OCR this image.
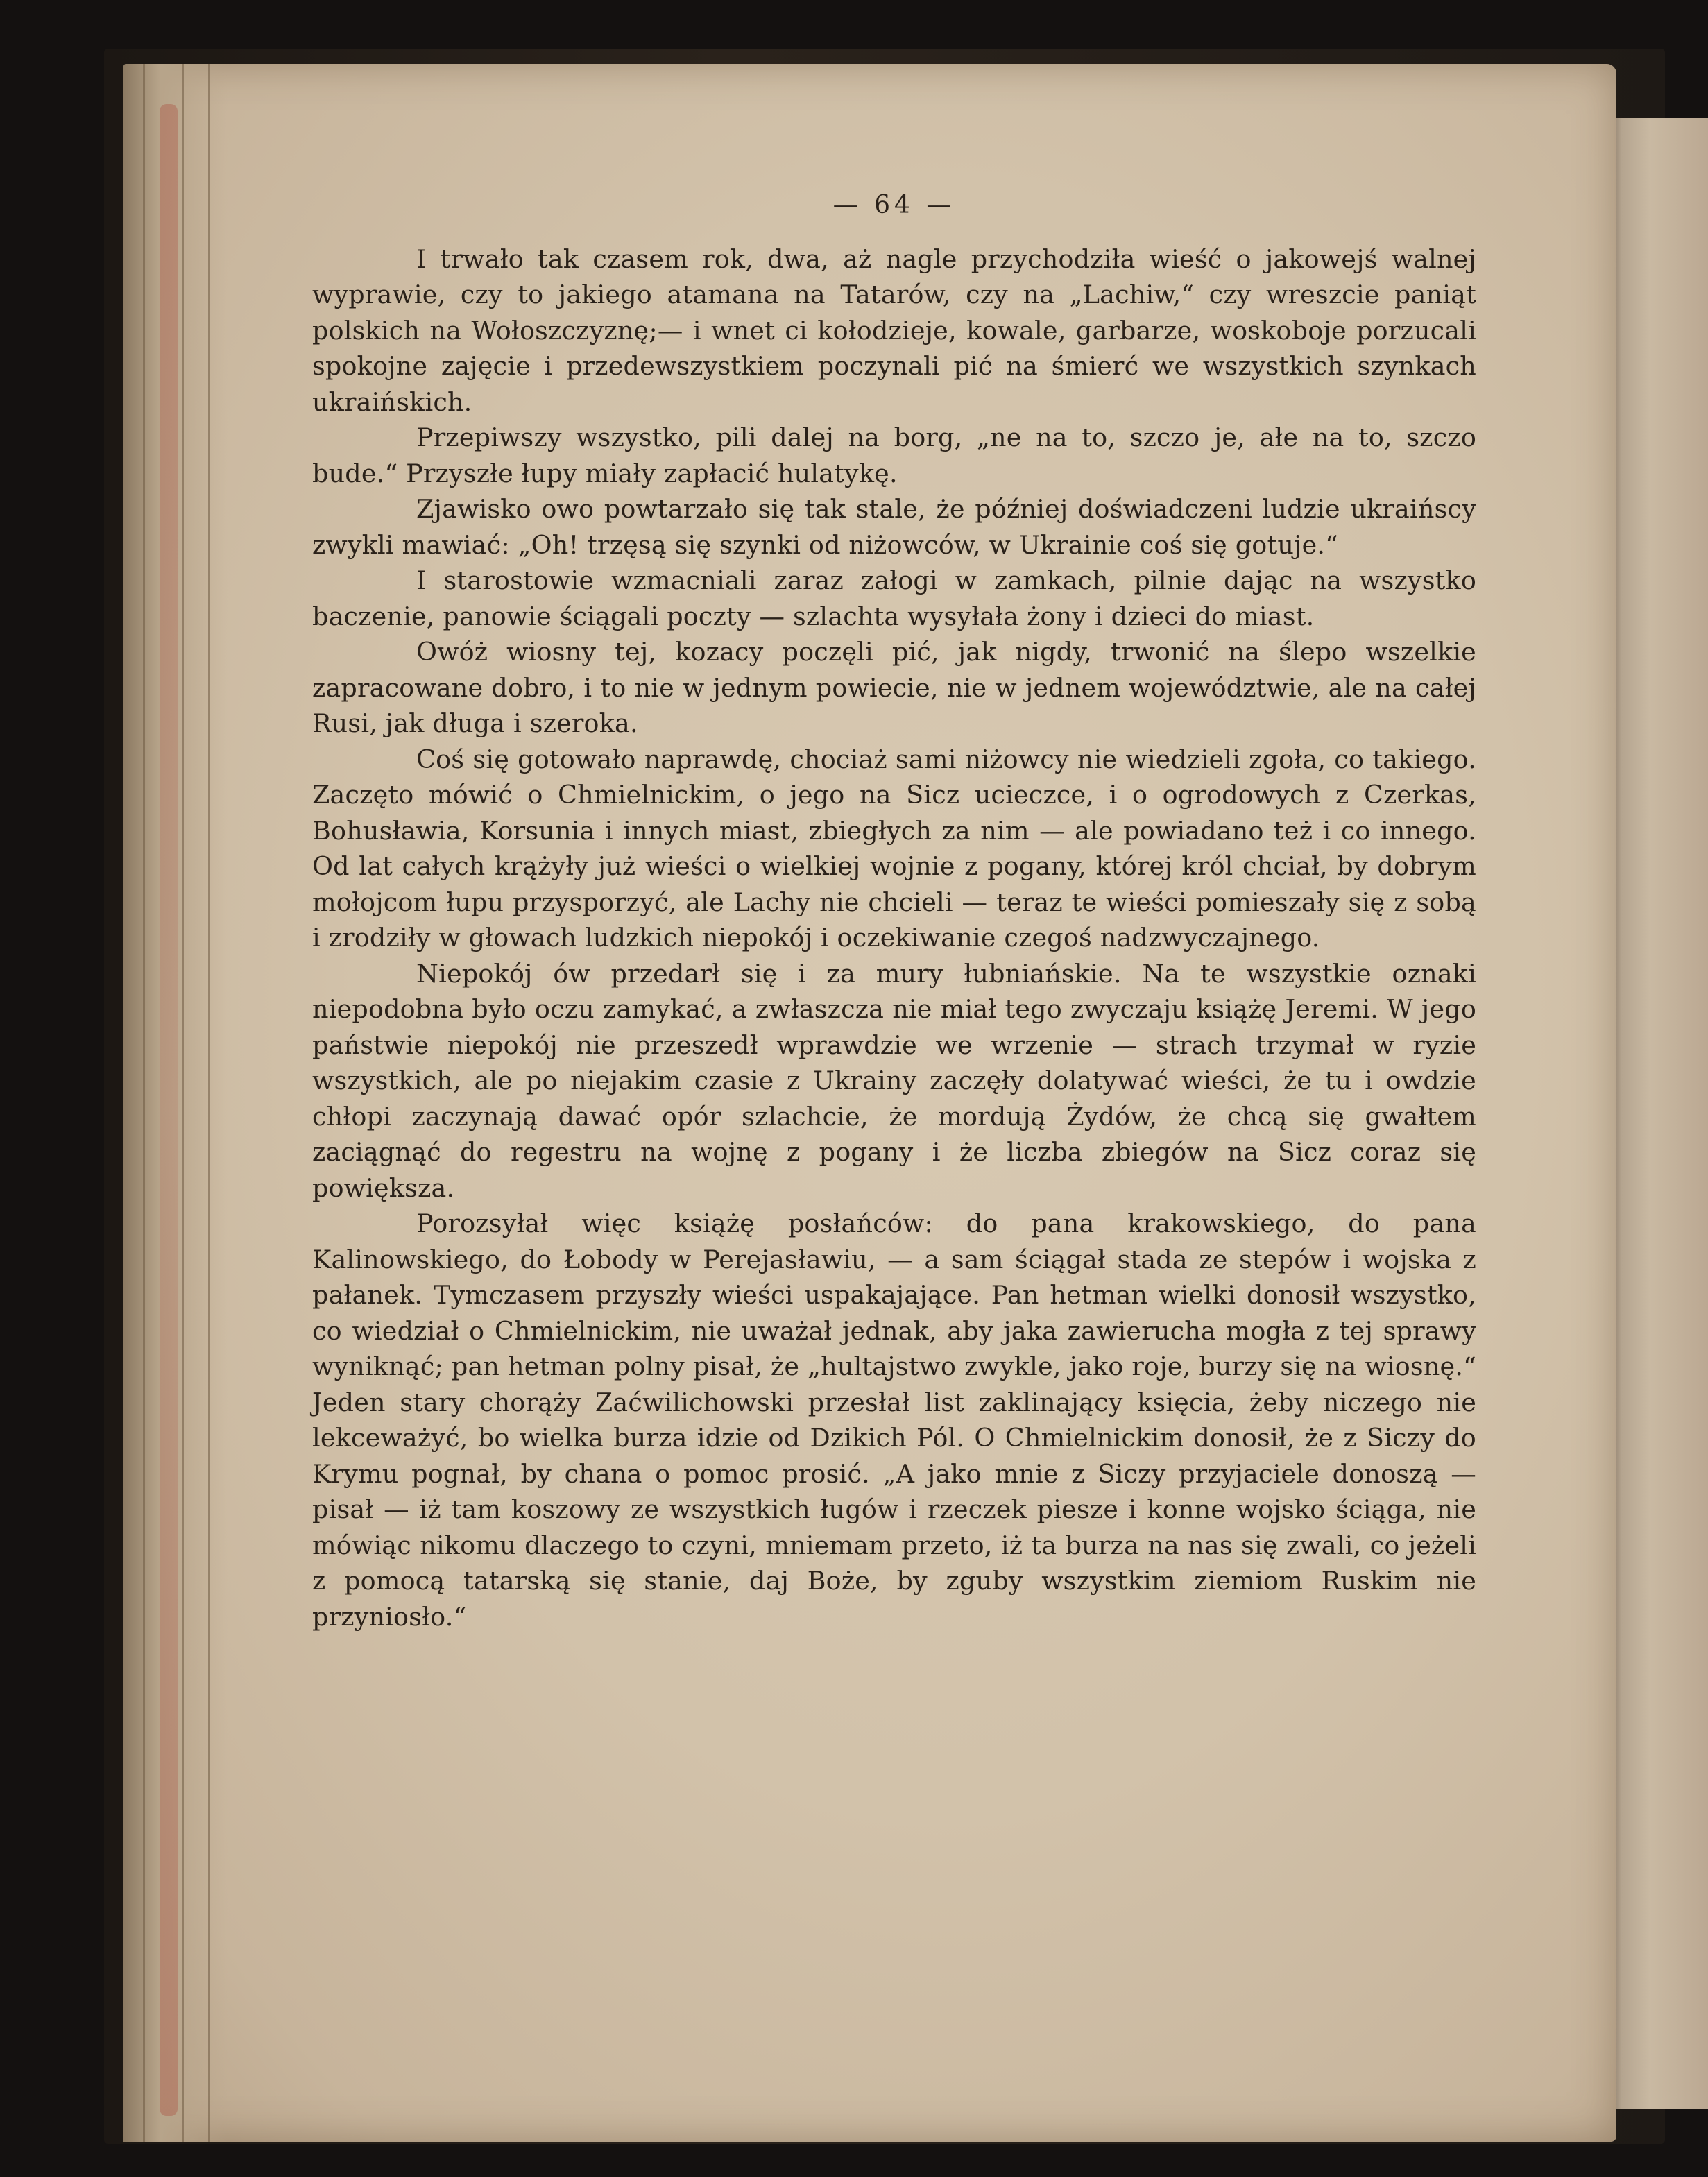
— 64 —

I trwało tak czasem rok, dwa, aż nagle przychodziła wieść o jakowejś walnej wyprawie, czy to jakiego atamana na Tatarów, czy na „Lachiw,“ czy wreszcie paniąt polskich na Wołoszczyznę;— i wnet ci kołodzieje, kowale, garbarze, woskoboje porzucali spokojne zajęcie i przedewszystkiem poczynali pić na śmierć we wszystkich szynkach ukraińskich.

Przepiwszy wszystko, pili dalej na borg, „ne na to, szczo je, ałe na to, szczo bude.“ Przyszłe łupy miały zapłacić hulatykę.

Zjawisko owo powtarzało się tak stale, że później doświadczeni ludzie ukraińscy zwykli mawiać: „Oh! trzęsą się szynki od niżowców, w Ukrainie coś się gotuje.“

I starostowie wzmacniali zaraz załogi w zamkach, pilnie dając na wszystko baczenie, panowie ściągali poczty — szlachta wysyłała żony i dzieci do miast.

Owóż wiosny tej, kozacy poczęli pić, jak nigdy, trwonić na ślepo wszelkie zapracowane dobro, i to nie w jednym powiecie, nie w jednem województwie, ale na całej Rusi, jak długa i szeroka.

Coś się gotowało naprawdę, chociaż sami niżowcy nie wiedzieli zgoła, co takiego. Zaczęto mówić o Chmielnickim, o jego na Sicz ucieczce, i o ogrodowych z Czerkas, Bohusławia, Korsunia i innych miast, zbiegłych za nim — ale powiadano też i co innego. Od lat całych krążyły już wieści o wielkiej wojnie z pogany, której król chciał, by dobrym mołojcom łupu przysporzyć, ale Lachy nie chcieli — teraz te wieści pomieszały się z sobą i zrodziły w głowach ludzkich niepokój i oczekiwanie czegoś nadzwyczajnego.

Niepokój ów przedarł się i za mury łubniańskie. Na te wszystkie oznaki niepodobna było oczu zamykać, a zwłaszcza nie miał tego zwyczaju książę Jeremi. W jego państwie niepokój nie przeszedł wprawdzie we wrzenie — strach trzymał w ryzie wszystkich, ale po niejakim czasie z Ukrainy zaczęły dolatywać wieści, że tu i owdzie chłopi zaczynają dawać opór szlachcie, że mordują Żydów, że chcą się gwałtem zaciągnąć do regestru na wojnę z pogany i że liczba zbiegów na Sicz coraz się powiększa.

Porozsyłał więc książę posłańców: do pana krakowskiego, do pana Kalinowskiego, do Łobody w Perejasławiu, — a sam ściągał stada ze stepów i wojska z pałanek. Tymczasem przyszły wieści uspakajające. Pan hetman wielki donosił wszystko, co wiedział o Chmielnickim, nie uważał jednak, aby jaka zawierucha mogła z tej sprawy wyniknąć; pan hetman polny pisał, że „hultajstwo zwykle, jako roje, burzy się na wiosnę.“ Jeden stary chorąży Zaćwilichowski przesłał list zaklinający księcia, żeby niczego nie lekceważyć, bo wielka burza idzie od Dzikich Pól. O Chmielnickim donosił, że z Siczy do Krymu pognał, by chana o pomoc prosić. „A jako mnie z Siczy przyjaciele donoszą — pisał — iż tam koszowy ze wszystkich ługów i rzeczek piesze i konne wojsko ściąga, nie mówiąc nikomu dlaczego to czyni, mniemam przeto, iż ta burza na nas się zwali, co jeżeli z pomocą tatarską się stanie, daj Boże, by zguby wszystkim ziemiom Ruskim nie przyniosło.“
